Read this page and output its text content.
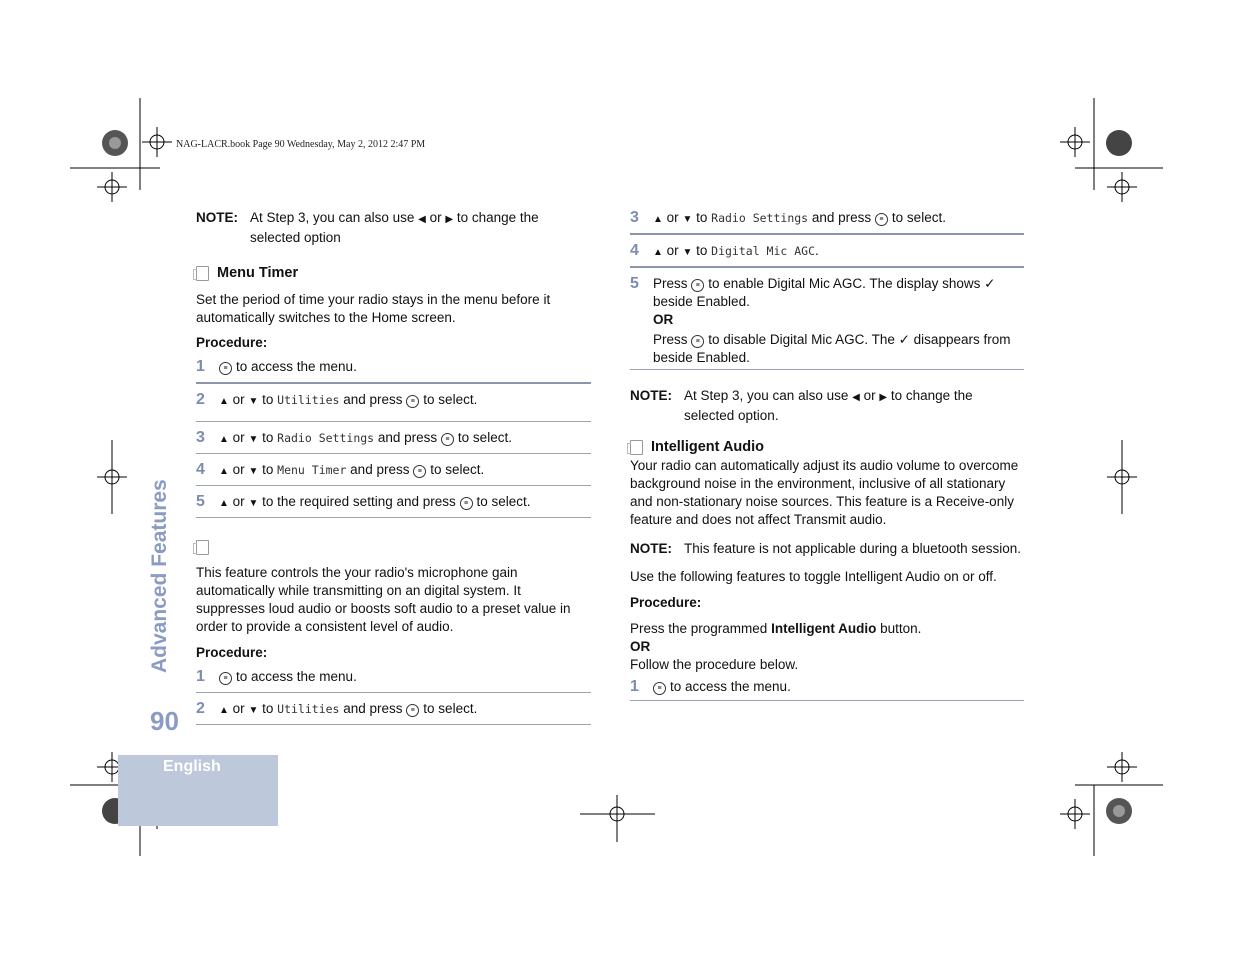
NAG-LACR.book Page 90 Wednesday, May 2, 2012 2:47 PM
Advanced Features
90
English
NOTE: At Step 3, you can also use ◀ or ▶ to change the selected option
Menu Timer
Set the period of time your radio stays in the menu before it automatically switches to the Home screen.
Procedure:
1	≡ to access the menu.
2 ▲ or ▼ to Utilities and press ≡ to select.
3 ▲ or ▼ to Radio Settings and press ≡ to select.
4 ▲ or ▼ to Menu Timer and press ≡ to select.
5 ▲ or ▼ to the required setting and press ≡ to select.
This feature controls the your radio's microphone gain automatically while transmitting on an digital system. It suppresses loud audio or boosts soft audio to a preset value in order to provide a consistent level of audio.
Procedure:
1	≡ to access the menu.
2 ▲ or ▼ to Utilities and press ≡ to select.
3 ▲ or ▼ to Radio Settings and press ≡ to select.
4 ▲ or ▼ to Digital Mic AGC.
5 Press ≡ to enable Digital Mic AGC. The display shows ✓ beside Enabled.
OR
Press ≡ to disable Digital Mic AGC. The ✓ disappears from beside Enabled.
NOTE: At Step 3, you can also use ◀ or ▶ to change the selected option.
Intelligent Audio
Your radio can automatically adjust its audio volume to overcome background noise in the environment, inclusive of all stationary and non-stationary noise sources. This feature is a Receive-only feature and does not affect Transmit audio.
NOTE: This feature is not applicable during a bluetooth session.
Use the following features to toggle Intelligent Audio on or off.
Procedure:
Press the programmed Intelligent Audio button.
OR
Follow the procedure below.
1	≡ to access the menu.
